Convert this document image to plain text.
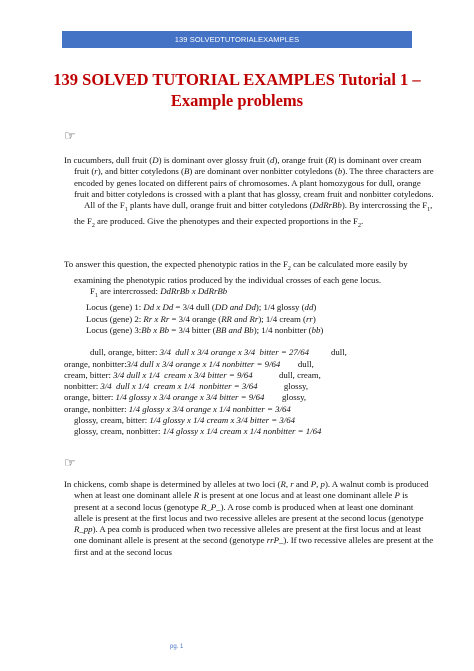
139 SOLVEDTUTORIALEXAMPLES
139 SOLVED TUTORIAL EXAMPLES Tutorial 1 –
Example problems
☞

In cucumbers, dull fruit (D) is dominant over glossy fruit (d), orange fruit (R) is dominant over cream fruit (r), and bitter cotyledons (B) are dominant over nonbitter cotyledons (b). The three characters are encoded by genes located on different pairs of chromosomes. A plant homozygous for dull, orange fruit and bitter cotyledons is crossed with a plant that has glossy, cream fruit and nonbitter cotyledons.

All of the $F_1$ plants have dull, orange fruit and bitter cotyledons (DdRrBb). By intercrossing the $F_1$, the $F_2$ are produced. Give the phenotypes and their expected proportions in the $F_2$.

To answer this question, the expected phenotypic ratios in the $F_2$ can be calculated more easily by examining the phenotypic ratios produced by the individual crosses of each gene locus.

$F_1$ are intercrossed: DdRrBb x DdRrBb

Locus (gene) 1: Dd x Dd = 3/4 dull (DD and Dd); 1/4 glossy (dd)

Locus (gene) 2: Rr x Rr = 3/4 orange (RR and Rr); 1/4 cream (rr)

Locus (gene) 3:Bb x Bb = 3/4 bitter (BB and Bb); 1/4 nonbitter (bb)

dull, orange, bitter: 3/4  dull x 3/4 orange x 3/4  bitter = 27/64          dull,

orange, nonbitter:3/4 dull x 3/4 orange x 1/4 nonbitter = 9/64        dull,

cream, bitter: 3/4 dull x 1/4  cream x 3/4 bitter = 9/64            dull, cream,

nonbitter: 3/4  dull x 1/4  cream x 1/4  nonbitter = 3/64            glossy,

orange, bitter: 1/4 glossy x 3/4 orange x 3/4 bitter = 9/64        glossy,

orange, nonbitter: 1/4 glossy x 3/4 orange x 1/4 nonbitter = 3/64

glossy, cream, bitter: 1/4 glossy x 1/4 cream x 3/4 bitter = 3/64

glossy, cream, nonbitter: 1/4 glossy x 1/4 cream x 1/4 nonbitter = 1/64

☞

In chickens, comb shape is determined by alleles at two loci (R, r and P, p). A walnut comb is produced when at least one dominant allele R is present at one locus and at least one dominant allele P is present at a second locus (genotype R_P_). A rose comb is produced when at least one dominant allele is present at the first locus and two recessive alleles are present at the second locus (genotype R_pp). A pea comb is produced when two recessive alleles are present at the first locus and at least one dominant allele is present at the second (genotype rrP_). If two recessive alleles are present at the first and at the second locus

pg. 1
